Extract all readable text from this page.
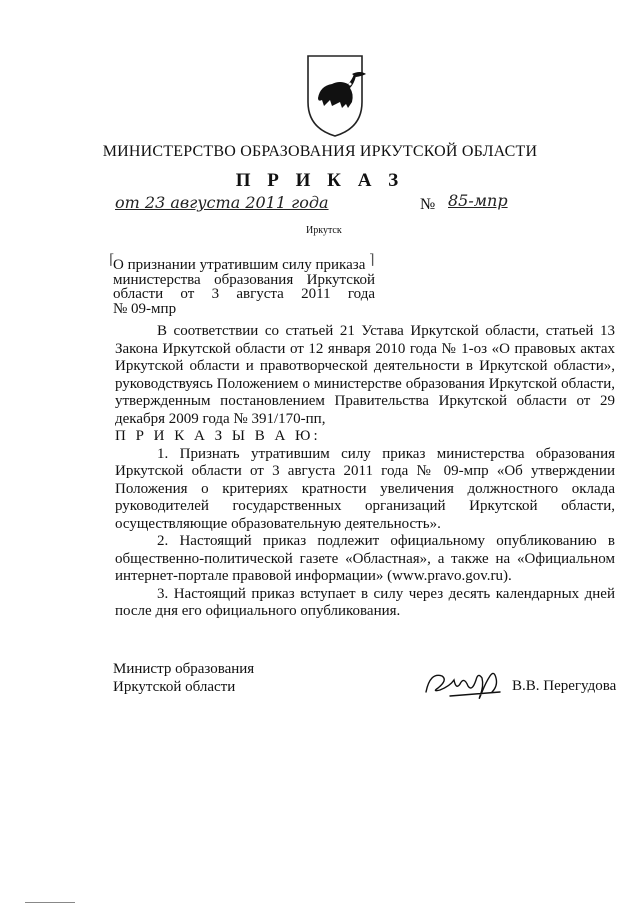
МИНИСТЕРСТВО ОБРАЗОВАНИЯ ИРКУТСКОЙ ОБЛАСТИ
П Р И К А З
от 23 августа 2011 года	№ 85-мпр
Иркутск
⌈	⌉
О признании утратившим силу приказа
министерства образования Иркутской
области от 3 августа 2011 года
№ 09-мпр

В соответствии со статьей 21 Устава Иркутской области, статьей 13 Закона Иркутской области от 12 января 2010 года № 1-оз «О правовых актах Иркутской области и правотворческой деятельности в Иркутской области», руководствуясь Положением о министерстве образования Иркутской области, утвержденным постановлением Правительства Иркутской области от 29 декабря 2009 года № 391/170-пп,

П Р И К А З Ы В А Ю:

1. Признать утратившим силу приказ министерства образования Иркутской области от 3 августа 2011 года № 09-мпр «Об утверждении Положения о критериях кратности увеличения должностного оклада руководителей государственных организаций Иркутской области, осуществляющие образовательную деятельность».

2. Настоящий приказ подлежит официальному опубликованию в общественно-политической газете «Областная», а также на «Официальном интернет-портале правовой информации» (www.pravo.gov.ru).

3. Настоящий приказ вступает в силу через десять календарных дней после дня его официального опубликования.

Министр образования
Иркутской области	В.В. Перегудова
